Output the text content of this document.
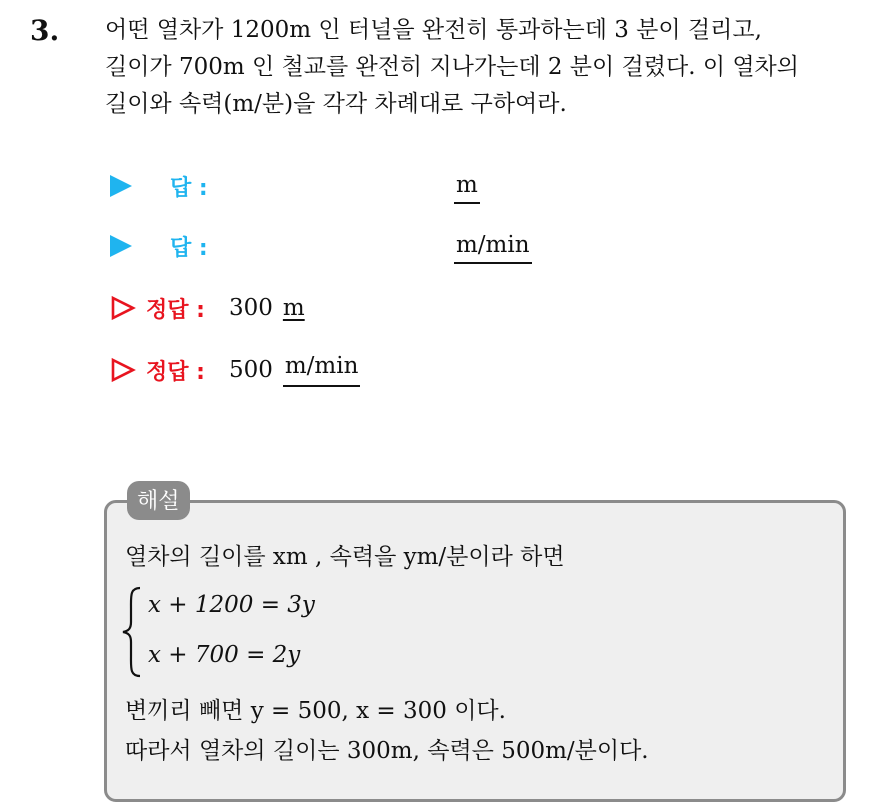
3. 어떤 열차가 1200m 인 터널을 완전히 통과하는데 3 분이 걸리고,
길이가 700m 인 철교를 완전히 지나가는데 2 분이 걸렸다. 이 열차의
길이와 속력(m/분)을 각각 차례대로 구하여라.
답 :	m
답 :	m/min
정답 : 300 m
정답 : 500 m/min
해설
열차의 길이를 xm , 속력을 ym/분이라 하면
x + 1200 = 3y
x + 700 = 2y
변끼리 빼면 y = 500, x = 300 이다.
따라서 열차의 길이는 300m, 속력은 500m/분이다.
